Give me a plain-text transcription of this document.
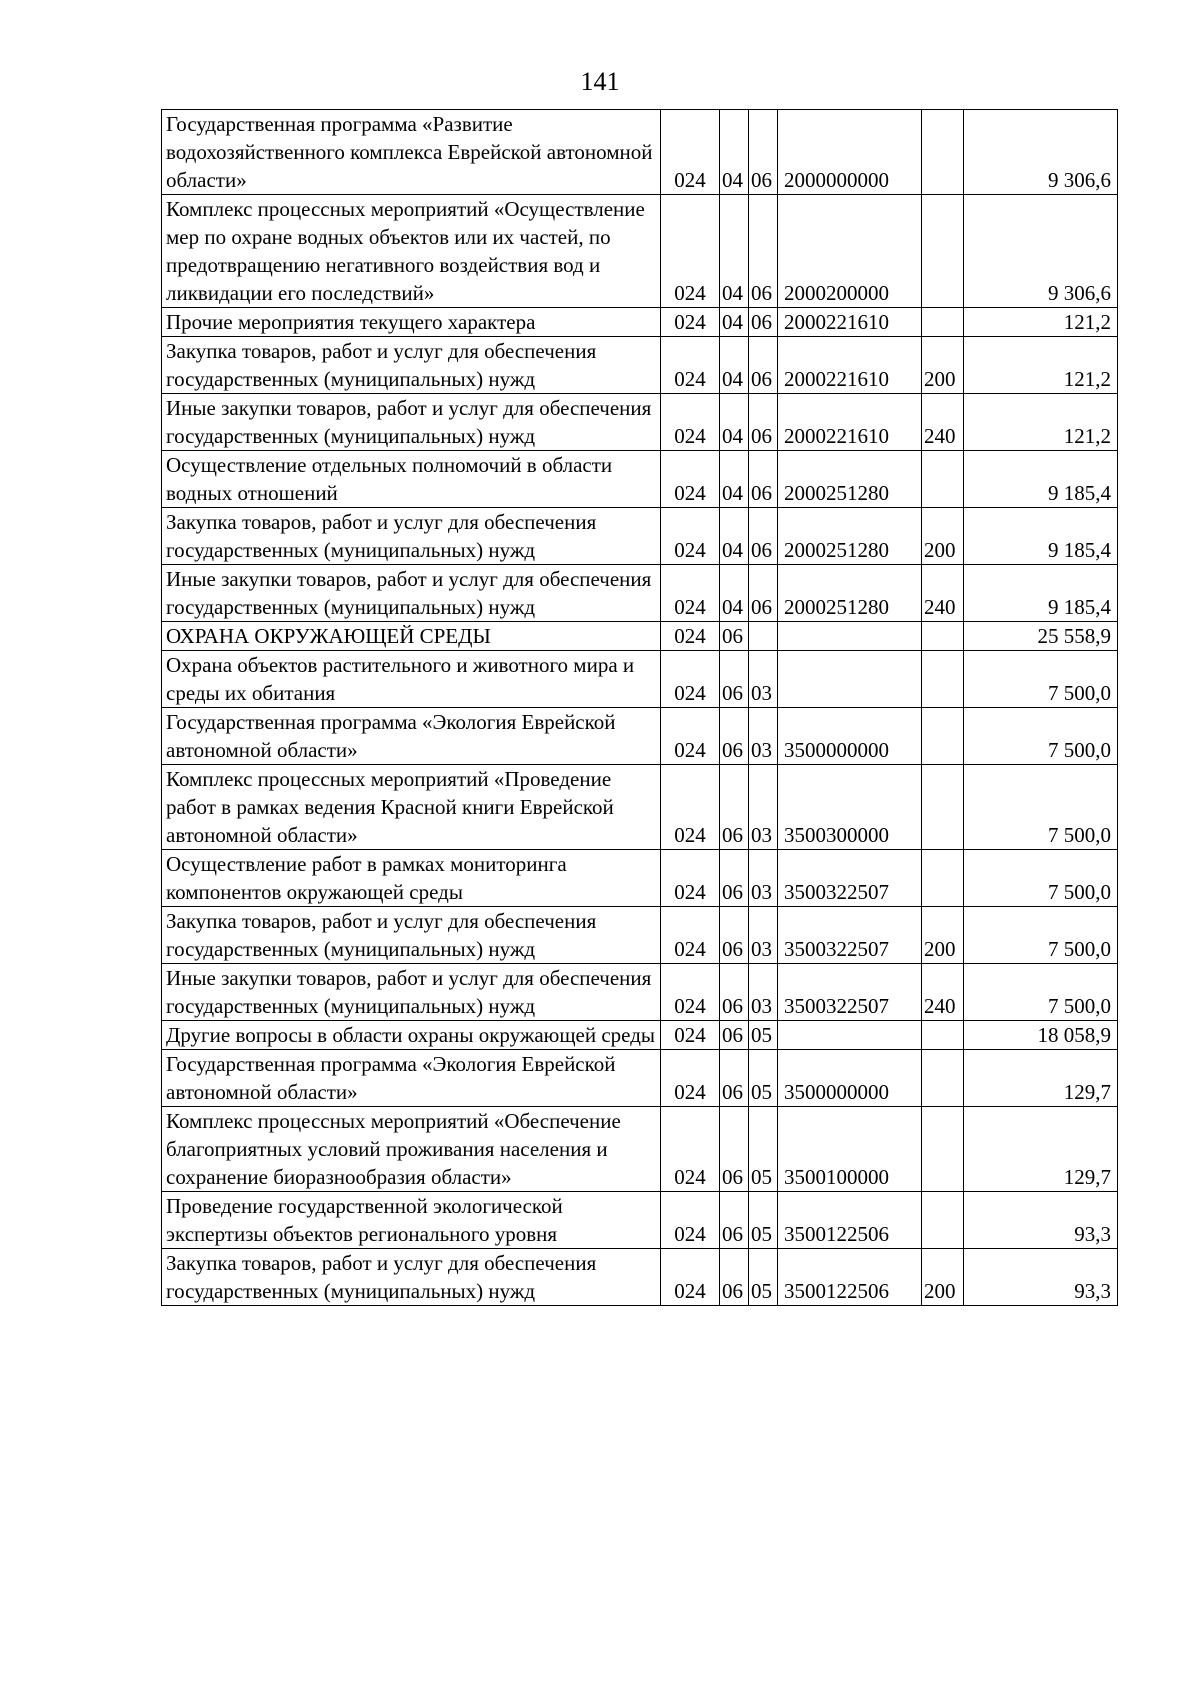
141
Государственная программа «Развитие водохозяйственного комплекса Еврейской автономной области»	024	04	06	2000000000		9 306,6
Комплекс процессных мероприятий «Осуществление мер по охране водных объектов или их частей, по предотвращению негативного воздействия вод и ликвидации его последствий»	024	04	06	2000200000		9 306,6
Прочие мероприятия текущего характера	024	04	06	2000221610		121,2
Закупка товаров, работ и услуг для обеспечения государственных (муниципальных) нужд	024	04	06	2000221610	200	121,2
Иные закупки товаров, работ и услуг для обеспечения государственных (муниципальных) нужд	024	04	06	2000221610	240	121,2
Осуществление отдельных полномочий в области водных отношений	024	04	06	2000251280		9 185,4
Закупка товаров, работ и услуг для обеспечения государственных (муниципальных) нужд	024	04	06	2000251280	200	9 185,4
Иные закупки товаров, работ и услуг для обеспечения государственных (муниципальных) нужд	024	04	06	2000251280	240	9 185,4
ОХРАНА ОКРУЖАЮЩЕЙ СРЕДЫ	024	06				25 558,9
Охрана объектов растительного и животного мира и среды их обитания	024	06	03			7 500,0
Государственная программа «Экология Еврейской автономной области»	024	06	03	3500000000		7 500,0
Комплекс процессных мероприятий «Проведение работ в рамках ведения Красной книги Еврейской автономной области»	024	06	03	3500300000		7 500,0
Осуществление работ в рамках мониторинга компонентов окружающей среды	024	06	03	3500322507		7 500,0
Закупка товаров, работ и услуг для обеспечения государственных (муниципальных) нужд	024	06	03	3500322507	200	7 500,0
Иные закупки товаров, работ и услуг для обеспечения государственных (муниципальных) нужд	024	06	03	3500322507	240	7 500,0
Другие вопросы в области охраны окружающей среды	024	06	05			18 058,9
Государственная программа «Экология Еврейской автономной области»	024	06	05	3500000000		129,7
Комплекс процессных мероприятий «Обеспечение благоприятных условий проживания населения и сохранение биоразнообразия области»	024	06	05	3500100000		129,7
Проведение государственной экологической экспертизы объектов регионального уровня	024	06	05	3500122506		93,3
Закупка товаров, работ и услуг для обеспечения государственных (муниципальных) нужд	024	06	05	3500122506	200	93,3
